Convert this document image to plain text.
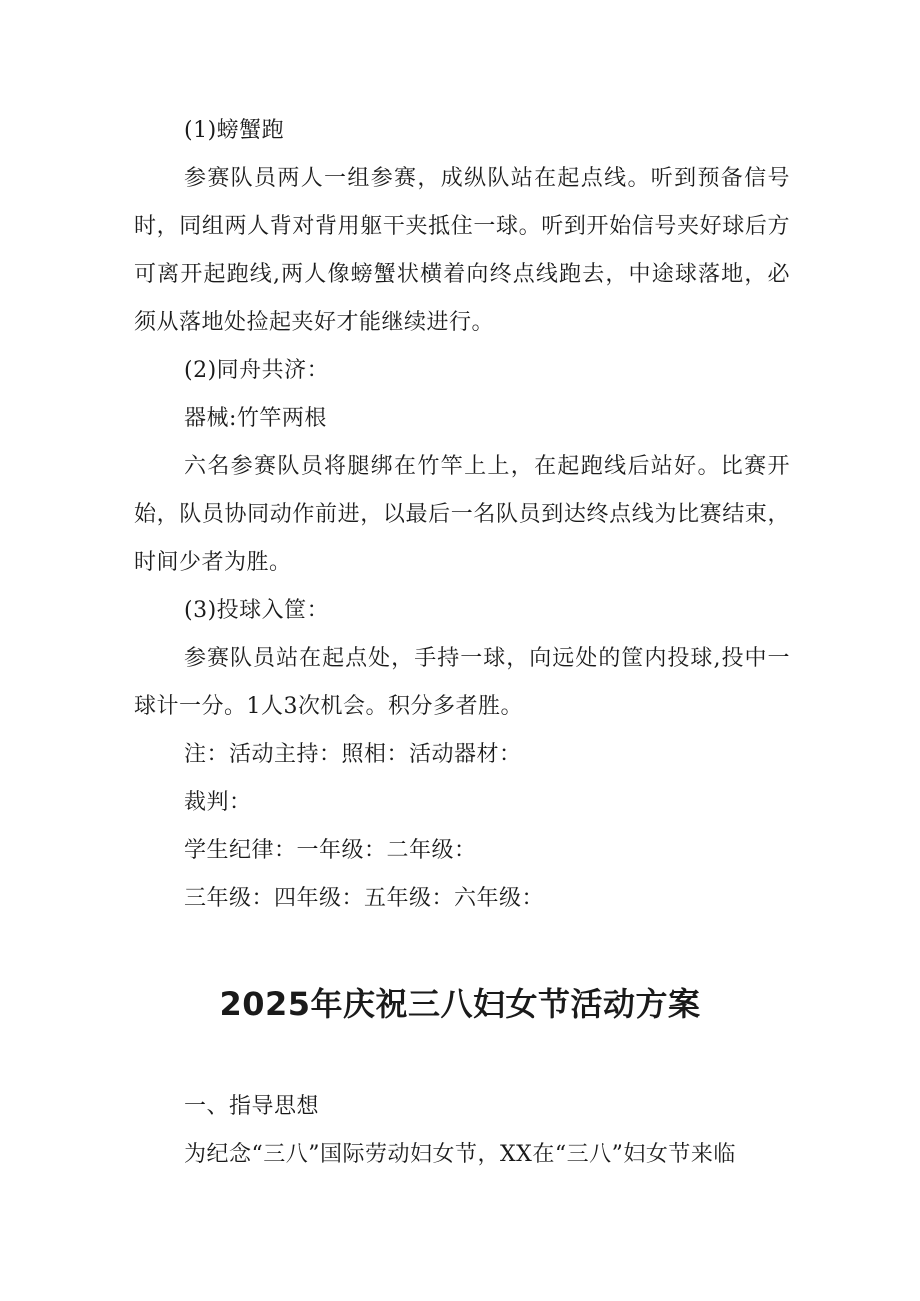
(1)螃蟹跑

参赛队员两人一组参赛，成纵队站在起点线。听到预备信号时，同组两人背对背用躯干夹抵住一球。听到开始信号夹好球后方可离开起跑线,两人像螃蟹状横着向终点线跑去，中途球落地，必须从落地处捡起夹好才能继续进行。

(2)同舟共济：

器械:竹竿两根

六名参赛队员将腿绑在竹竿上上，在起跑线后站好。比赛开始，队员协同动作前进，以最后一名队员到达终点线为比赛结束，时间少者为胜。

(3)投球入筐：

参赛队员站在起点处，手持一球，向远处的筐内投球,投中一球计一分。1人3次机会。积分多者胜。

注：活动主持：照相：活动器材：

裁判：

学生纪律：一年级：二年级：

三年级：四年级：五年级：六年级：

2025年庆祝三八妇女节活动方案

一、指导思想

为纪念“三八”国际劳动妇女节，XX在“三八”妇女节来临
